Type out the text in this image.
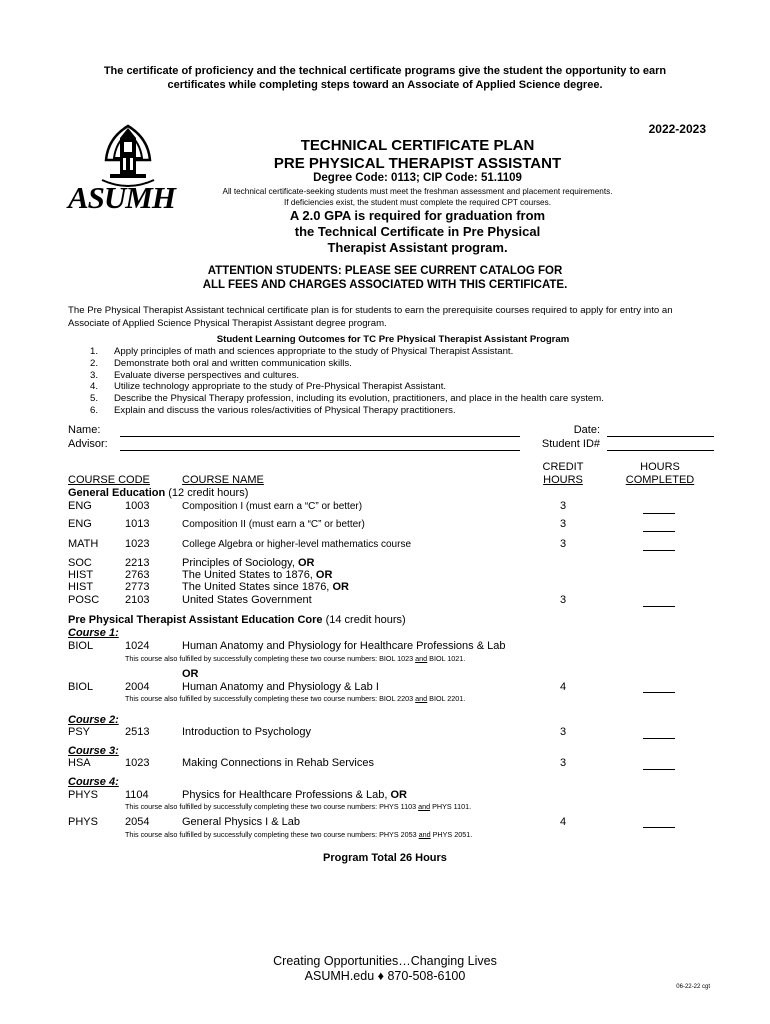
The certificate of proficiency and the technical certificate programs give the student the opportunity to earn
certificates while completing steps toward an Associate of Applied Science degree.
2022-2023
ASUMH
TECHNICAL CERTIFICATE PLAN
PRE PHYSICAL THERAPIST ASSISTANT
Degree Code: 0113; CIP Code: 51.1109
All technical certificate-seeking students must meet the freshman assessment and placement requirements.
If deficiencies exist, the student must complete the required CPT courses.
A 2.0 GPA is required for graduation from
the Technical Certificate in Pre Physical
Therapist Assistant program.
ATTENTION STUDENTS: PLEASE SEE CURRENT CATALOG FOR
ALL FEES AND CHARGES ASSOCIATED WITH THIS CERTIFICATE.
The Pre Physical Therapist Assistant technical certificate plan is for students to earn the prerequisite courses required to apply for entry into an
Associate of Applied Science Physical Therapist Assistant degree program.
Student Learning Outcomes for TC Pre Physical Therapist Assistant Program
1.	Apply principles of math and sciences appropriate to the study of Physical Therapist Assistant.
2.	Demonstrate both oral and written communication skills.
3.	Evaluate diverse perspectives and cultures.
4.	Utilize technology appropriate to the study of Pre-Physical Therapist Assistant.
5.	Describe the Physical Therapy profession, including its evolution, practitioners, and place in the health care system.
6.	Explain and discuss the various roles/activities of Physical Therapy practitioners.
Name:
Advisor:
Date:
Student ID#
COURSE CODE	COURSE NAME
CREDIT
HOURS
HOURS
COMPLETED
General Education (12 credit hours)
ENG	1003	Composition I (must earn a “C” or better)	3
ENG	1013	Composition II (must earn a “C” or better)	3
MATH 1023	College Algebra or higher-level mathematics course	3
SOC	2213	Principles of Sociology, OR
HIST	2763	The United States to 1876, OR
HIST	2773	The United States since 1876, OR
POSC 2103	United States Government	3
Pre Physical Therapist Assistant Education Core (14 credit hours)
Course 1:
BIOL	1024	Human Anatomy and Physiology for Healthcare Professions & Lab
This course also fulfilled by successfully completing these two course numbers: BIOL 1023 and BIOL 1021.
OR
BIOL	2004	Human Anatomy and Physiology & Lab I	4
This course also fulfilled by successfully completing these two course numbers: BIOL 2203 and BIOL 2201.
Course 2:
PSY	2513	Introduction to Psychology	3
Course 3:
HSA	1023	Making Connections in Rehab Services	3
Course 4:
PHYS 1104	Physics for Healthcare Professions & Lab, OR
This course also fulfilled by successfully completing these two course numbers: PHYS 1103 and PHYS 1101.
PHYS 2054	General Physics I & Lab	4
This course also fulfilled by successfully completing these two course numbers: PHYS 2053 and PHYS 2051.
Program Total 26 Hours
Creating Opportunities…Changing Lives
ASUMH.edu ♦ 870-508-6100
06-22-22 cgt
